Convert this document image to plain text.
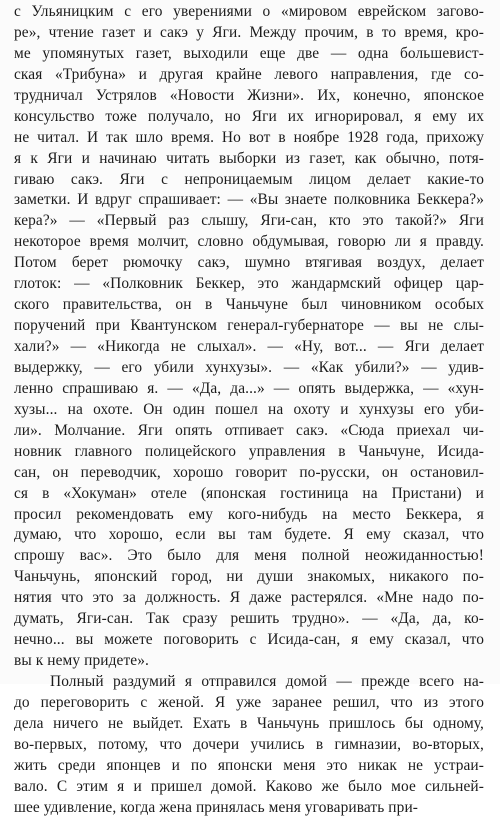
с Ульяницким с его уверениями о «мировом еврейском загово-
ре», чтение газет и сакэ у Яги. Между прочим, в то время, кро-
ме упомянутых газет, выходили еще две — одна большевист-
ская «Трибуна» и другая крайне левого направления, где со-
трудничал Устрялов «Новости Жизни». Их, конечно, японское
консульство тоже получало, но Яги их игнорировал, я ему их
не читал. И так шло время. Но вот в ноябре 1928 года, прихожу
я к Яги и начинаю читать выборки из газет, как обычно, потя-
гиваю сакэ. Яги с непроницаемым лицом делает какие-то
заметки. И вдруг спрашивает: — «Вы знаете полковника Беккера?»
кера?» — «Первый раз слышу, Яги-сан, кто это такой?» Яги
некоторое время молчит, словно обдумывая, говорю ли я правду.
Потом берет рюмочку сакэ, шумно втягивая воздух, делает
глоток: — «Полковник Беккер, это жандармский офицер цар-
ского правительства, он в Чаньчуне был чиновником особых
поручений при Квантунском генерал-губернаторе — вы не слы-
хали?» — «Никогда не слыхал». — «Ну, вот... — Яги делает
выдержку, — его убили хунхузы». — «Как убили?» — удив-
ленно спрашиваю я. — «Да, да...» — опять выдержка, — «хун-
хузы... на охоте. Он один пошел на охоту и хунхузы его уби-
ли». Молчание. Яги опять отпивает сакэ. «Сюда приехал чи-
новник главного полицейского управления в Чаньчуне, Исида-
сан, он переводчик, хорошо говорит по-русски, он остановил-
ся в «Хокуман» отеле (японская гостиница на Пристани) и
просил рекомендовать ему кого-нибудь на место Беккера, я
думаю, что хорошо, если вы там будете. Я ему сказал, что
спрошу вас». Это было для меня полной неожиданностью!
Чаньчунь, японский город, ни души знакомых, никакого по-
нятия что это за должность. Я даже растерялся. «Мне надо по-
думать, Яги-сан. Так сразу решить трудно». — «Да, да, ко-
нечно... вы можете поговорить с Исида-сан, я ему сказал, что
вы к нему придете».
Полный раздумий я отправился домой — прежде всего на-
до переговорить с женой. Я уже заранее решил, что из этого
дела ничего не выйдет. Ехать в Чаньчунь пришлось бы одному,
во-первых, потому, что дочери учились в гимназии, во-вторых,
жить среди японцев и по японски меня это никак не устраи-
вало. С этим я и пришел домой. Каково же было мое сильней-
шее удивление, когда жена принялась меня уговаривать при-
